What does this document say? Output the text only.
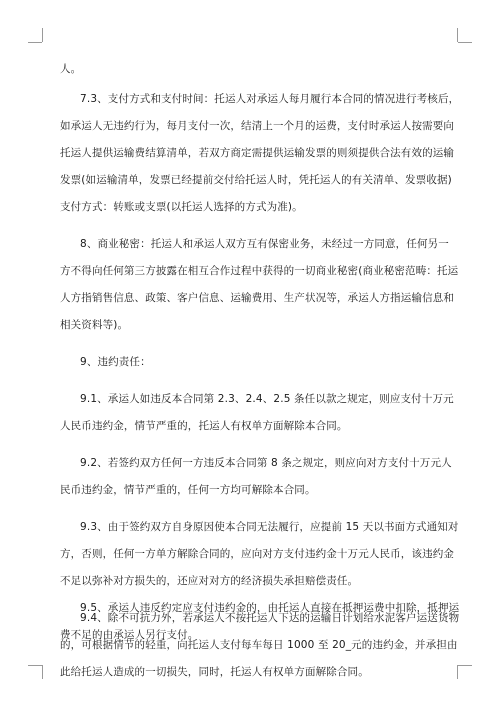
人。
7.3、支付方式和支付时间：托运人对承运人每月履行本合同的情况进行考核后，
如承运人无违约行为，每月支付一次，结清上一个月的运费，支付时承运人按需要向
托运人提供运输费结算清单，若双方商定需提供运输发票的则须提供合法有效的运输
发票(如运输清单，发票已经提前交付给托运人时，凭托运人的有关清单、发票收据)
支付方式：转账或支票(以托运人选择的方式为准)。
8、商业秘密：托运人和承运人双方互有保密业务，未经过一方同意，任何另一
方不得向任何第三方披露在相互合作过程中获得的一切商业秘密(商业秘密范畴：托运
人方指销售信息、政策、客户信息、运输费用、生产状况等，承运人方指运输信息和
相关资料等)。
9、违约责任：
9.1、承运人如违反本合同第 2.3、2.4、2.5 条任以款之规定，则应支付十万元
人民币违约金，情节严重的，托运人有权单方面解除本合同。
9.2、若签约双方任何一方违反本合同第 8 条之规定，则应向对方支付十万元人
民币违约金，情节严重的，任何一方均可解除本合同。
9.3、由于签约双方自身原因使本合同无法履行，应提前 15 天以书面方式通知对
方，否则，任何一方单方解除合同的，应向对方支付违约金十万元人民币，该违约金
不足以弥补对方损失的，还应对对方的经济损失承担赔偿责任。
9.4、除不可抗力外，若承运人不按托运人下达的运输日计划给水泥客户运送货物
的，可根据情节的轻重，向托运人支付每车每日 1000 至 20_元的违约金，并承担由
此给托运人造成的一切损失，同时，托运人有权单方面解除合同。
9.5、承运人违反约定应支付违约金的，由托运人直接在抵押运费中扣除，抵押运
费不足的由承运人另行支付。
